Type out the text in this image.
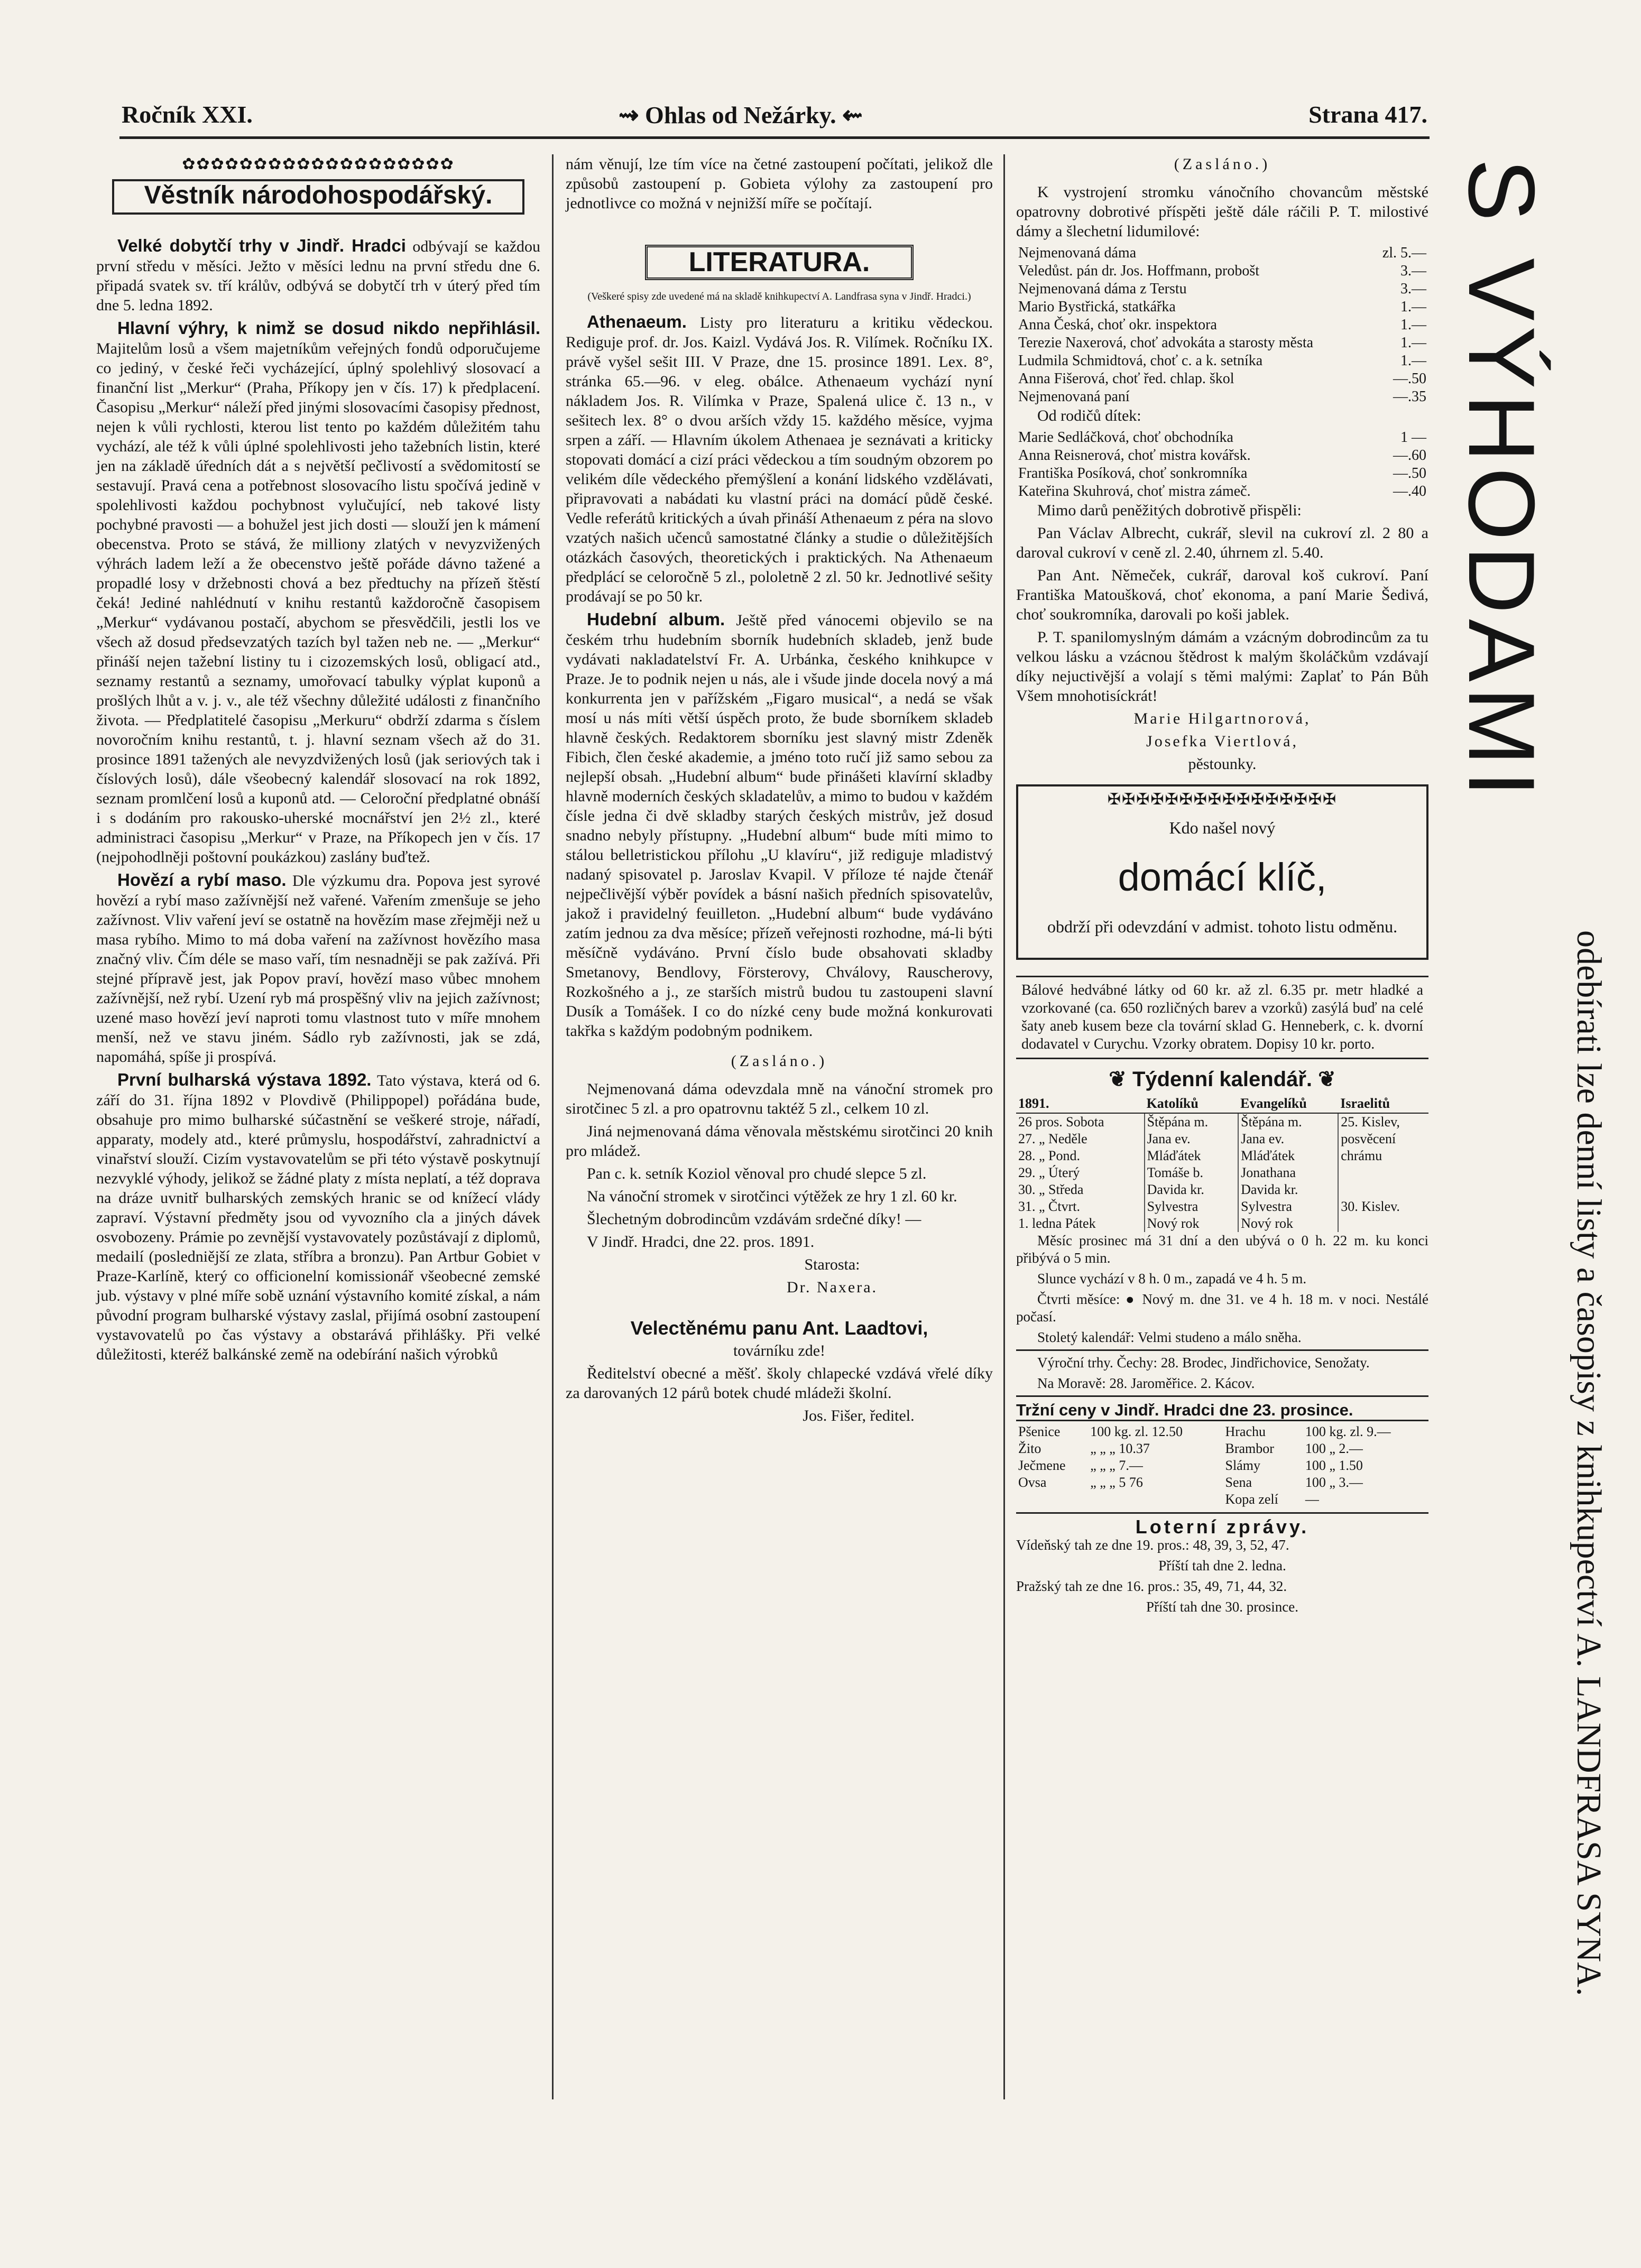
Ročník XXI.	⇝ Ohlas od Nežárky. ⇜	Strana 417.
✿✿✿✿✿✿✿✿✿✿✿✿✿✿✿✿✿✿✿
Věstník národohospodářský.

Velké dobytčí trhy v Jindř. Hradci odbývají se každou první středu v měsíci. Ježto v měsíci lednu na první středu dne 6. připadá svatek sv. tří králův, odbývá se dobytčí trh v úterý před tím dne 5. ledna 1892.

Hlavní výhry, k nimž se dosud nikdo nepřihlásil. Majitelům losů a všem majetníkům veřejných fondů odporučujeme co jediný, v české řeči vycházející, úplný spolehlivý slosovací a finanční list „Merkur“ (Praha, Příkopy jen v čís. 17) k předplacení. Časopisu „Merkur“ náleží před jinými slosovacími časopisy přednost, nejen k vůli rychlosti, kterou list tento po každém důležitém tahu vychází, ale též k vůli úplné spolehlivosti jeho tažebních listin, které jen na základě úředních dát a s největší pečlivostí a svědomitostí se sestavují. Pravá cena a potřebnost slosovacího listu spočívá jedině v spolehlivosti každou pochybnost vylučující, neb takové listy pochybné pravosti — a bohužel jest jich dosti — slouží jen k mámení obecenstva. Proto se stává, že milliony zlatých v nevyzvižených výhrách ladem leží a že obecenstvo ještě pořáde dávno tažené a propadlé losy v držebnosti chová a bez předtuchy na přízeň štěstí čeká! Jediné nahlédnutí v knihu restantů každoročně časopisem „Merkur“ vydávanou postačí, abychom se přesvědčili, jestli los ve všech až dosud předsevzatých tazích byl tažen neb ne. — „Merkur“ přináší nejen tažební listiny tu i cizozemských losů, obligací atd., seznamy restantů a seznamy, umořovací tabulky výplat kuponů a prošlých lhůt a v. j. v., ale též všechny důležité události z finančního života. — Předplatitelé časopisu „Merkuru“ obdrží zdarma s číslem novoročním knihu restantů, t. j. hlavní seznam všech až do 31. prosince 1891 tažených ale nevyzdvižených losů (jak seriových tak i číslových losů), dále všeobecný kalendář slosovací na rok 1892, seznam promlčení losů a kuponů atd. — Celoroční předplatné obnáší i s dodáním pro rakousko-uherské mocnářství jen 2½ zl., které administraci časopisu „Merkur“ v Praze, na Příkopech jen v čís. 17 (nejpohodlněji poštovní poukázkou) zaslány buďtež.

Hovězí a rybí maso. Dle výzkumu dra. Popova jest syrové hovězí a rybí maso zažívnější než vařené. Vařením zmenšuje se jeho zažívnost. Vliv vaření jeví se ostatně na hovězím mase zřejměji než u masa rybího. Mimo to má doba vaření na zažívnost hovězího masa značný vliv. Čím déle se maso vaří, tím nesnadněji se pak zažívá. Při stejné přípravě jest, jak Popov praví, hovězí maso vůbec mnohem zažívnější, než rybí. Uzení ryb má prospěšný vliv na jejich zažívnost; uzené maso hovězí jeví naproti tomu vlastnost tuto v míře mnohem menší, než ve stavu jiném. Sádlo ryb zažívnosti, jak se zdá, napomáhá, spíše ji prospívá.

První bulharská výstava 1892. Tato výstava, která od 6. září do 31. října 1892 v Plovdivě (Philippopel) pořádána bude, obsahuje pro mimo bulharské súčastnění se veškeré stroje, nářadí, apparaty, modely atd., které průmyslu, hospodářství, zahradnictví a vinařství slouží. Cizím vystavovatelům se při této výstavě poskytnují nezvyklé výhody, jelikož se žádné platy z místa neplatí, a též doprava na dráze uvnitř bulharských zemských hranic se od knížecí vlády zapraví. Výstavní předměty jsou od vyvozního cla a jiných dávek osvobozeny. Prámie po zevnější vystavovately pozůstávají z diplomů, medailí (posledniější ze zlata, stříbra a bronzu). Pan Artbur Gobiet v Praze-Karlíně, který co officionelní komissionář všeobecné zemské jub. výstavy v plné míře sobě uznání výstavního komité získal, a nám původní program bulharské výstavy zaslal, přijímá osobní zastoupení vystavovatelů po čas výstavy a obstarává přihlášky. Při velké důležitosti, kteréž balkánské země na odebírání našich výrobků

nám věnují, lze tím více na četné zastoupení počítati, jelikož dle způsobů zastoupení p. Gobieta výlohy za zastoupení pro jednotlivce co možná v nejnižší míře se počítají.

LITERATURA.
(Veškeré spisy zde uvedené má na skladě knihkupectví A. Landfrasa syna v Jindř. Hradci.)

Athenaeum. Listy pro literaturu a kritiku vědeckou. Rediguje prof. dr. Jos. Kaizl. Vydává Jos. R. Vilímek. Ročníku IX. právě vyšel sešit III. V Praze, dne 15. prosince 1891. Lex. 8°, stránka 65.—96. v eleg. obálce. Athenaeum vychází nyní nákladem Jos. R. Vilímka v Praze, Spalená ulice č. 13 n., v sešitech lex. 8° o dvou arších vždy 15. každého měsíce, vyjma srpen a září. — Hlavním úkolem Athenaea je seznávati a kriticky stopovati domácí a cizí práci vědeckou a tím soudným obzorem po velikém díle vědeckého přemýšlení a konání lidského vzdělávati, připravovati a nabádati ku vlastní práci na domácí půdě české. Vedle referátů kritických a úvah přináší Athenaeum z péra na slovo vzatých našich učenců samostatné články a studie o důležitějších otázkách časových, theoretických i praktických. Na Athenaeum předplácí se celoročně 5 zl., pololetně 2 zl. 50 kr. Jednotlivé sešity prodávají se po 50 kr.

Hudební album. Ještě před vánocemi objevilo se na českém trhu hudebním sborník hudebních skladeb, jenž bude vydávati nakladatelství Fr. A. Urbánka, českého knihkupce v Praze. Je to podnik nejen u nás, ale i všude jinde docela nový a má konkurrenta jen v pařížském „Figaro musical“, a nedá se však mosí u nás míti větší úspěch proto, že bude sborníkem skladeb hlavně českých. Redaktorem sborníku jest slavný mistr Zdeněk Fibich, člen české akademie, a jméno toto ručí již samo sebou za nejlepší obsah. „Hudební album“ bude přinášeti klavírní skladby hlavně moderních českých skladatelův, a mimo to budou v každém čísle jedna či dvě skladby starých českých mistrův, jež dosud snadno nebyly přístupny. „Hudební album“ bude míti mimo to stálou belletristickou přílohu „U klavíru“, již rediguje mladistvý nadaný spisovatel p. Jaroslav Kvapil. V příloze té najde čtenář nejpečlivější výběr povídek a básní našich předních spisovatelův, jakož i pravidelný feuilleton. „Hudební album“ bude vydáváno zatím jednou za dva měsíce; přízeň veřejnosti rozhodne, má-li býti měsíčně vydáváno. První číslo bude obsahovati skladby Smetanovy, Bendlovy, Försterovy, Chválovy, Rauscherovy, Rozkošného a j., ze starších mistrů budou tu zastoupeni slavní Dusík a Tomášek. I co do nízké ceny bude možná konkurovati takřka s každým podobným podnikem.

(Zasláno.)

Nejmenovaná dáma odevzdala mně na vánoční stromek pro sirotčinec 5 zl. a pro opatrovnu taktéž 5 zl., celkem 10 zl.

Jiná nejmenovaná dáma věnovala městskému sirotčinci 20 knih pro mládež.

Pan c. k. setník Koziol věnoval pro chudé slepce 5 zl.

Na vánoční stromek v sirotčinci výtěžek ze hry 1 zl. 60 kr.

Šlechetným dobrodincům vzdávám srdečné díky! —

V Jindř. Hradci, dne 22. pros. 1891.

Starosta:

Dr. Naxera.

Velectěnému panu Ant. Laadtovi,

továrníku zde!

Ředitelství obecné a měšť. školy chlapecké vzdává vřelé díky za darovaných 12 párů botek chudé mládeži školní.

Jos. Fišer, ředitel.

(Zasláno.)

K vystrojení stromku vánočního chovancům městské opatrovny dobrotivé příspěti ještě dále ráčili P. T. milostivé dámy a šlechetní lidumilové:

Nejmenovaná dáma	zl. 5.—
Veledůst. pán dr. Jos. Hoffmann, probošt	3.—
Nejmenovaná dáma z Terstu	3.—
Mario Bystřická, statkářka	1.—
Anna Česká, choť okr. inspektora	1.—
Terezie Naxerová, choť advokáta a starosty města	1.—
Ludmila Schmidtová, choť c. a k. setníka	1.—
Anna Fišerová, choť řed. chlap. škol	—.50
Nejmenovaná paní	—.35

Od rodičů dítek:

Marie Sedláčková, choť obchodníka	1 —
Anna Reisnerová, choť mistra kovářsk.	—.60
Františka Posíková, choť sonkromníka	—.50
Kateřina Skuhrová, choť mistra zámeč.	—.40

Mimo darů peněžitých dobrotivě přispěli:

Pan Václav Albrecht, cukrář, slevil na cukroví zl. 2 80 a daroval cukroví v ceně zl. 2.40, úhrnem zl. 5.40.

Pan Ant. Němeček, cukrář, daroval koš cukroví. Paní Františka Matoušková, choť ekonoma, a paní Marie Šedivá, choť soukromníka, darovali po koši jablek.

P. T. spanilomyslným dámám a vzácným dobrodincům za tu velkou lásku a vzácnou štědrost k malým školáčkům vzdávají díky nejuctivější a volají s těmi malými: Zaplať to Pán Bůh Všem mnohotisíckrát!

Marie Hilgartnorová,

Josefka Viertlová,

pěstounky.

✠✠✠✠✠✠✠✠✠✠✠✠✠✠✠✠
Kdo našel nový
domácí klíč,
obdrží při odevzdání v admist. tohoto listu odměnu.
Bálové hedvábné látky od 60 kr. až zl. 6.35 pr. metr hladké a vzorkované (ca. 650 rozličných barev a vzorků) zasýlá buď na celé šaty aneb kusem beze cla tovární sklad G. Henneberk, c. k. dvorní dodavatel v Curychu. Vzorky obratem. Dopisy 10 kr. porto.
❦ Týdenní kalendář. ❦
1891.	Katolíků	Evangelíků	Israelitů
26 pros. Sobota	Štěpána m.	Štěpána m.	25. Kislev,
27. „ Neděle	Jana ev.	Jana ev.	posvěcení
28. „ Pond.	Mláďátek	Mláďátek	chrámu
29. „ Úterý	Tomáše b.	Jonathana	
30. „ Středa	Davida kr.	Davida kr.	
31. „ Čtvrt.	Sylvestra	Sylvestra	30. Kislev.
1. ledna Pátek	Nový rok	Nový rok	

Měsíc prosinec má 31 dní a den ubývá o 0 h. 22 m. ku konci přibývá o 5 min.

Slunce vychází v 8 h. 0 m., zapadá ve 4 h. 5 m.

Čtvrti měsíce: ● Nový m. dne 31. ve 4 h. 18 m. v noci. Nestálé počasí.

Stoletý kalendář: Velmi studeno a málo sněha.

Výroční trhy. Čechy: 28. Brodec, Jindřichovice, Senožaty.

Na Moravě: 28. Jaroměřice. 2. Kácov.

Tržní ceny v Jindř. Hradci dne 23. prosince.
Pšenice	100 kg. zl. 12.50	Hrachu	100 kg. zl. 9.—
Žito	„ „ „ 10.37	Brambor	100 „ 2.—
Ječmene	„ „ „ 7.—	Slámy	100 „ 1.50
Ovsa	„ „ „ 5 76	Sena	100 „ 3.—
		Kopa zelí	—
Loterní zprávy.

Vídeňský tah ze dne 19. pros.: 48, 39, 3, 52, 47.

Příští tah dne 2. ledna.

Pražský tah ze dne 16. pros.: 35, 49, 71, 44, 32.

Příští tah dne 30. prosince.

S VÝHODAMI
odebírati lze denní listy a časopisy z knihkupectví A. LANDFRASA SYNA.
